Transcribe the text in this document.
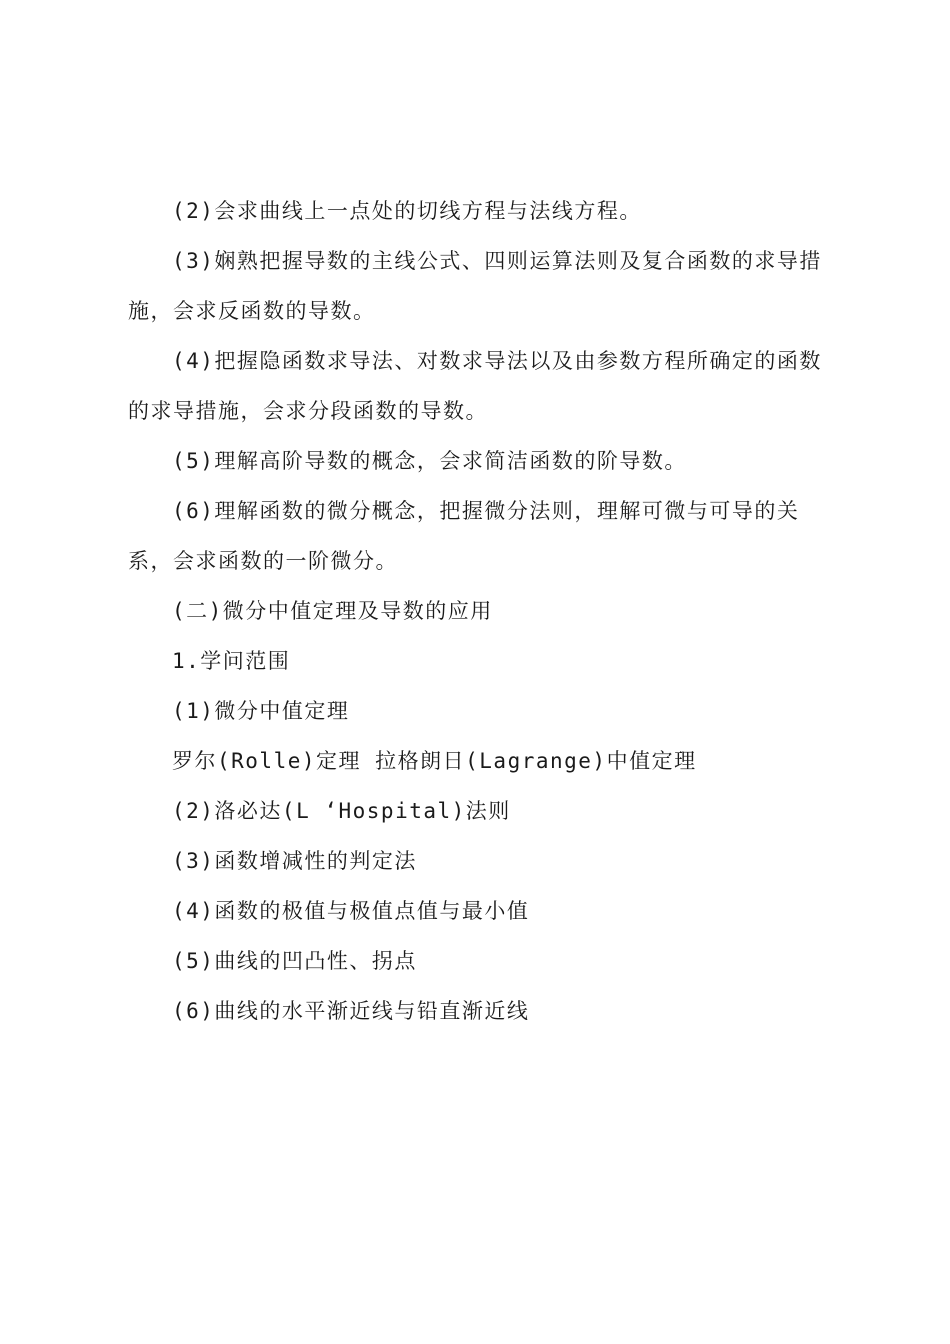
(2)会求曲线上一点处的切线方程与法线方程。

(3)娴熟把握导数的主线公式、四则运算法则及复合函数的求导措施，会求反函数的导数。

(4)把握隐函数求导法、对数求导法以及由参数方程所确定的函数的求导措施，会求分段函数的导数。

(5)理解高阶导数的概念，会求简洁函数的阶导数。

(6)理解函数的微分概念，把握微分法则，理解可微与可导的关系，会求函数的一阶微分。

(二)微分中值定理及导数的应用

1.学问范围

(1)微分中值定理

罗尔(Rolle)定理 拉格朗日(Lagrange)中值定理

(2)洛必达(L ‘Hospital)法则

(3)函数增减性的判定法

(4)函数的极值与极值点值与最小值

(5)曲线的凹凸性、拐点

(6)曲线的水平渐近线与铅直渐近线
